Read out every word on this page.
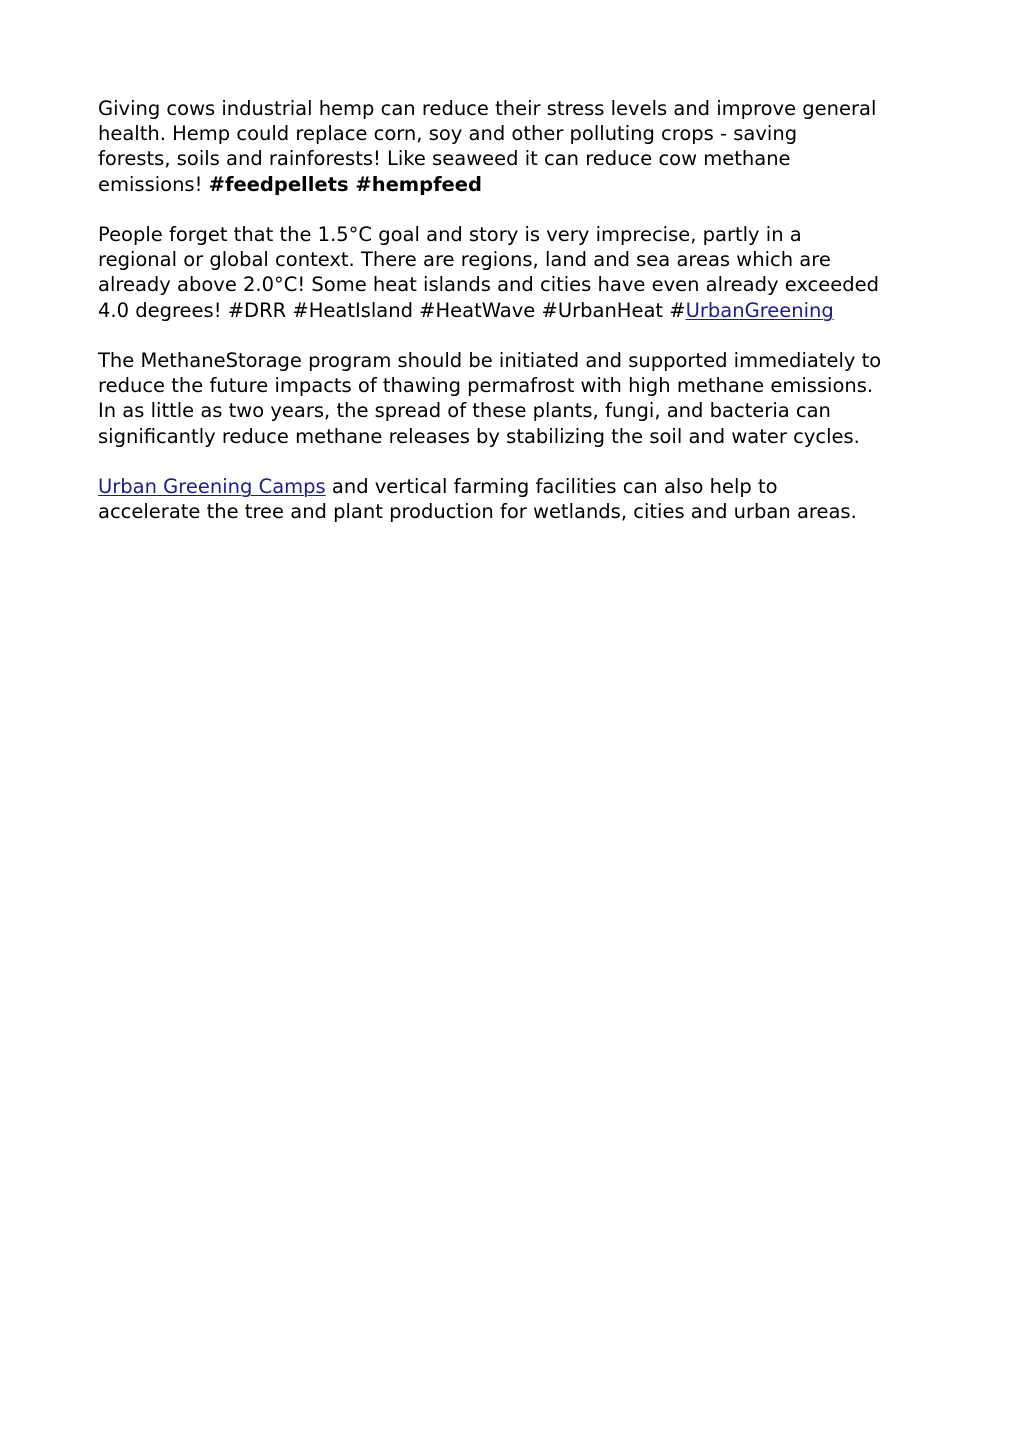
Giving cows industrial hemp can reduce their stress levels and improve general
health. Hemp could replace corn, soy and other polluting crops - saving
forests, soils and rainforests! Like seaweed it can reduce cow methane
emissions! #feedpellets #hempfeed

People forget that the 1.5°C goal and story is very imprecise, partly in a
regional or global context. There are regions, land and sea areas which are
already above 2.0°C! Some heat islands and cities have even already exceeded
4.0 degrees! #DRR #HeatIsland #HeatWave #UrbanHeat #UrbanGreening

The MethaneStorage program should be initiated and supported immediately to
reduce the future impacts of thawing permafrost with high methane emissions.
In as little as two years, the spread of these plants, fungi, and bacteria can
significantly reduce methane releases by stabilizing the soil and water cycles.

Urban Greening Camps and vertical farming facilities can also help to
accelerate the tree and plant production for wetlands, cities and urban areas.
